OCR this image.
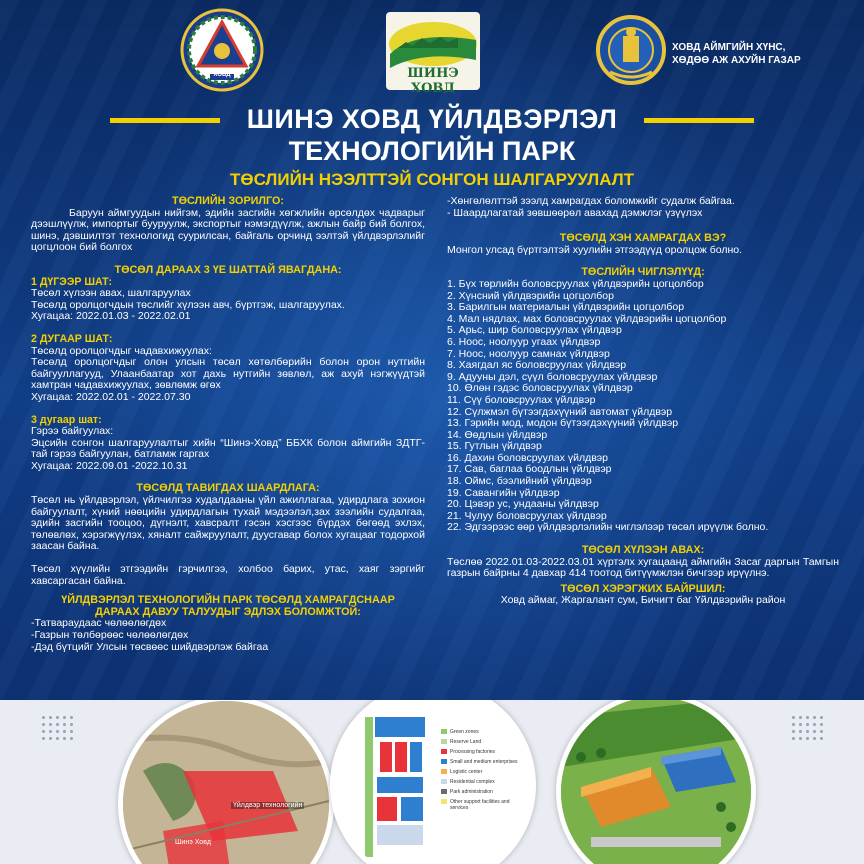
ХОВД	ШИНЭ ХОВД
ХОВД АЙМГИЙН ХҮНС,
ХӨДӨӨ АЖ АХУЙН ГАЗАР
ШИНЭ ХОВД ҮЙЛДВЭРЛЭЛ
ТЕХНОЛОГИЙН ПАРК
ТӨСЛИЙН НЭЭЛТТЭЙ СОНГОН ШАЛГАРУУЛАЛТ
ТӨСЛИЙН ЗОРИЛГО:

Баруун аймгуудын нийгэм, эдийн засгийн хөгжлийн өрсөлдөх чадварыг дээшлүүлж, импортыг бууруулж, экспортыг нэмэгдүүлж, ажлын байр бий болгох, шинэ, дэвшилтэт технологид суурилсан, байгаль орчинд ээлтэй үйлдвэрлэлийг цогцлоон бий болгох

ТӨСӨЛ ДАРААХ 3 ҮЕ ШАТТАЙ ЯВАГДАНА:
1 ДҮГЭЭР ШАТ:

Төсөл хүлээн авах, шалгаруулах

Төсөлд оролцогчдын төслийг хүлээн авч, бүртгэж, шалгаруулах.

Хугацаа: 2022.01.03 - 2022.02.01

2 ДУГААР ШАТ:

Төсөлд оролцогчдыг чадавхижуулах:

Төсөлд оролцогчдыг олон улсын төсөл хөтөлбөрийн болон орон нутгийн байгууллагууд, Улаанбаатар хот дахь нутгийн зөвлөл, аж ахуй нэгжүүдтэй хамтран чадавхижуулах, зөвлөмж өгөх

Хугацаа: 2022.02.01 - 2022.07.30

3 дугаар шат:

Гэрээ байгуулах:

Эцсийн сонгон шалгаруулалтыг хийн “Шинэ-Ховд” ББХК болон аймгийн ЗДТГ-тай гэрээ байгуулан, батламж гаргах

Хугацаа: 2022.09.01 -2022.10.31

ТӨСӨЛД ТАВИГДАХ ШААРДЛАГА:

Төсөл нь үйлдвэрлэл, үйлчилгээ худалдааны үйл ажиллагаа, удирдлага зохион байгуулалт, хүний нөөцийн удирдлагын тухай мэдээлэл,зах зээлийн судалгаа, эдийн засгийн тооцоо, дүгнэлт, хавсралт гэсэн хэсгээс бүрдэх бөгөөд эхлэх, төлөвлөх, хэрэгжүүлэх, хяналт сайжруулалт, дуусгавар болох хугацааг тодорхой заасан байна.

Төсөл хүүлийн этгээдийн гэрчилгээ, холбоо барих, утас, хаяг зэргийг хавсаргасан байна.

ҮЙЛДВЭРЛЭЛ ТЕХНОЛОГИЙН ПАРК ТӨСӨЛД ХАМРАГДСНААР ДАРААХ ДАВУУ ТАЛУУДЫГ ЭДЛЭХ БОЛОМЖТОЙ:

-Татвараудаас чөлөөлөгдөх

-Газрын төлбөрөөс чөлөөлөгдөх

-Дэд бүтцийг Улсын төсвөөс шийдвэрлэж байгаа

-Хөнгөлөлттэй зээлд хамрагдах боломжийг судалж байгаа.

- Шаардлагатай зөвшөөрөл авахад дэмжлэг үзүүлэх

ТӨСӨЛД ХЭН ХАМРАГДАХ ВЭ?

Монгол улсад бүртгэлтэй хуулийн этгээдүүд оролцож болно.

ТӨСЛИЙН ЧИГЛЭЛҮҮД:

1. Бүх төрлийн боловсруулах үйлдвэрийн цогцолбор

2. Хүнсний үйлдвэрийн цогцолбор

3. Барилгын материалын үйлдвэрийн цогцолбор

4. Мал нядлах, мах боловсруулах үйлдвэрийн цогцолбор

5. Арьс, шир боловсруулах үйлдвэр

6. Ноос, ноолуур угаах үйлдвэр

7. Ноос, ноолуур самнах үйлдвэр

8. Хаягдал яс боловсруулах үйлдвэр

9. Адууны дэл, сүүл боловсруулах үйлдвэр

10. Өлөн гэдэс боловсруулах үйлдвэр

11. Сүү боловсруулах үйлдвэр

12. Сүлжмэл бүтээгдэхүүний автомат үйлдвэр

13. Гэрийн мод, модон бүтээгдэхүүний үйлдвэр

14. Өөдлын үйлдвэр

15. Гутлын үйлдвэр

16. Дахин боловсруулах үйлдвэр

17. Сав, баглаа боодлын үйлдвэр

18. Оймс, бээлийний үйлдвэр

19. Савангийн үйлдвэр

20. Цэвэр ус, ундааны үйлдвэр

21. Чулуу боловсруулах үйлдвэр

22. Эдгээрээс өөр үйлдвэрлэлийн чиглэлээр төсөл ирүүлж болно.

ТӨСӨЛ ХҮЛЭЭН АВАХ:

Төслөө 2022.01.03-2022.03.01 хүртэлх хугацаанд аймгийн Засаг даргын Тамгын газрын байрны 4 давхар 414 тоотод битүүмжлэн бичгээр ирүүлнэ.

ТӨСӨЛ ХЭРЭГЖИХ БАЙРШИЛ:

Ховд аймаг, Жаргалант сум, Бичигт баг Үйлдвэрийн район

Үйлдвэр технологийн
Шинэ Ховд
Green zones
Reserve Land
Processing factories
Small and medium enterprises
Logistic center
Residential complex
Park administration
Other support facilities and services
